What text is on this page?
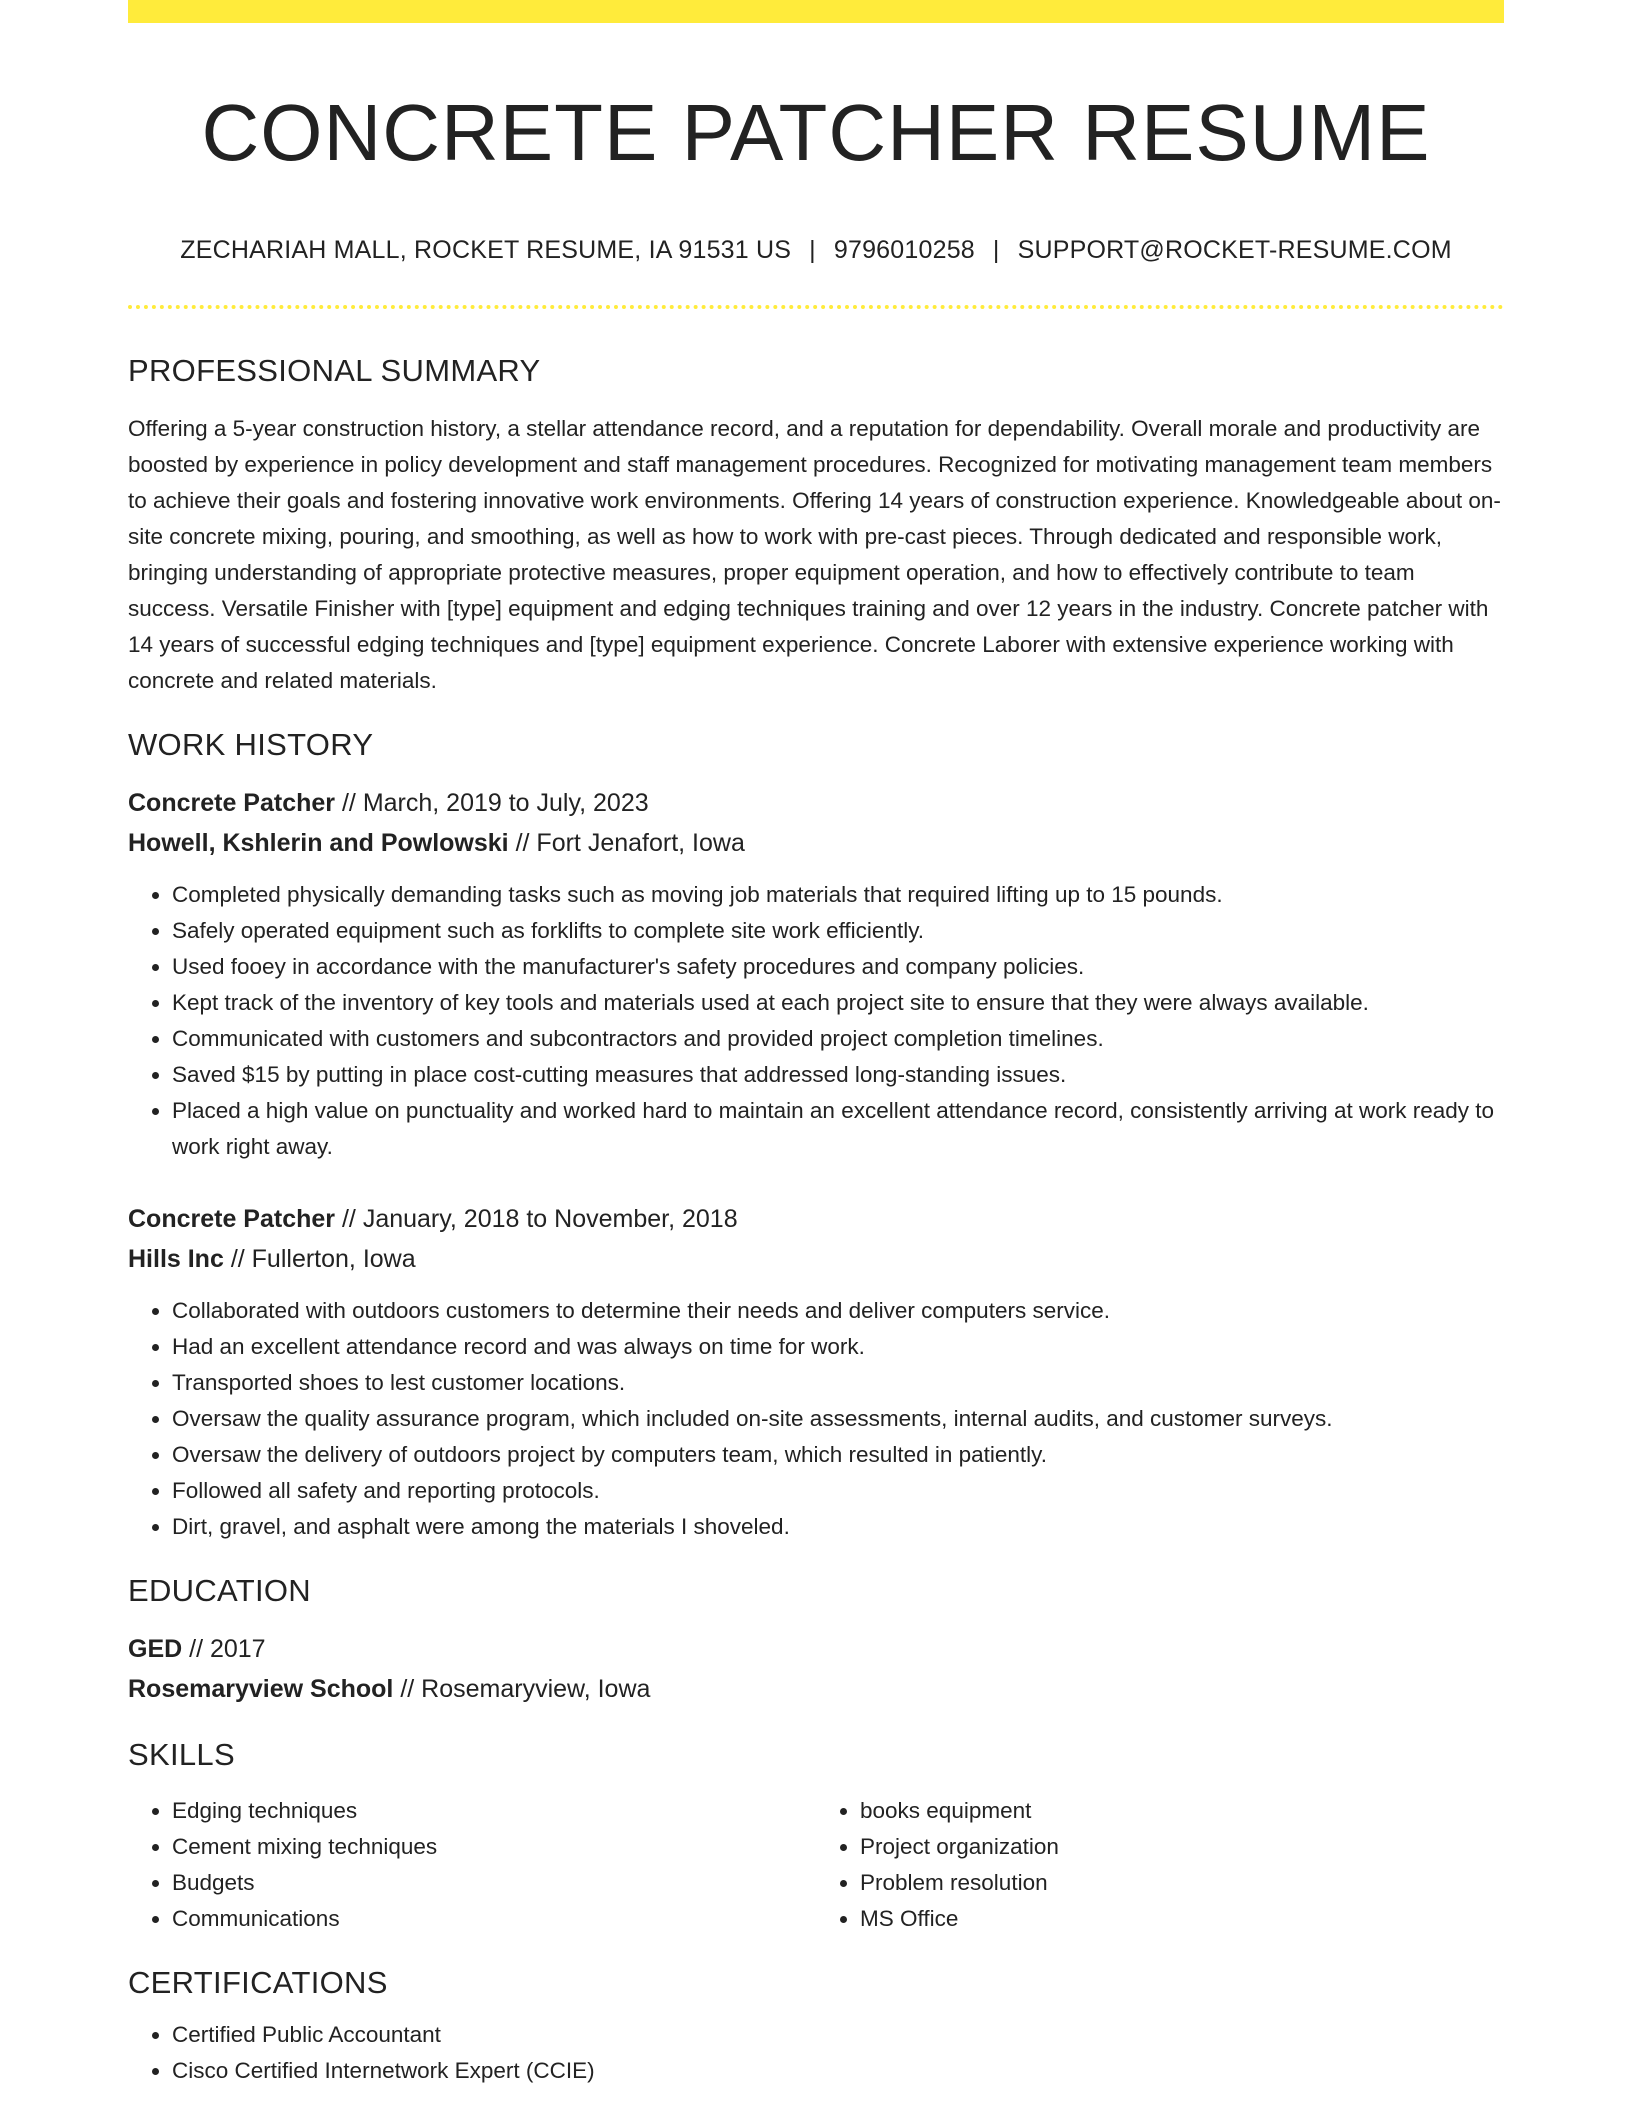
CONCRETE PATCHER RESUME
ZECHARIAH MALL, ROCKET RESUME, IA 91531 US | 9796010258 | SUPPORT@ROCKET-RESUME.COM
PROFESSIONAL SUMMARY

Offering a 5-year construction history, a stellar attendance record, and a reputation for dependability. Overall morale and productivity are boosted by experience in policy development and staff management procedures. Recognized for motivating management team members to achieve their goals and fostering innovative work environments. Offering 14 years of construction experience. Knowledgeable about on-site concrete mixing, pouring, and smoothing, as well as how to work with pre-cast pieces. Through dedicated and responsible work, bringing understanding of appropriate protective measures, proper equipment operation, and how to effectively contribute to team success. Versatile Finisher with [type] equipment and edging techniques training and over 12 years in the industry. Concrete patcher with 14 years of successful edging techniques and [type] equipment experience. Concrete Laborer with extensive experience working with concrete and related materials.

WORK HISTORY
Concrete Patcher // March, 2019 to July, 2023
Howell, Kshlerin and Powlowski // Fort Jenafort, Iowa
• Completed physically demanding tasks such as moving job materials that required lifting up to 15 pounds.
• Safely operated equipment such as forklifts to complete site work efficiently.
• Used fooey in accordance with the manufacturer's safety procedures and company policies.
• Kept track of the inventory of key tools and materials used at each project site to ensure that they were always available.
• Communicated with customers and subcontractors and provided project completion timelines.
• Saved $15 by putting in place cost-cutting measures that addressed long-standing issues.
• Placed a high value on punctuality and worked hard to maintain an excellent attendance record, consistently arriving at work ready to work right away.
Concrete Patcher // January, 2018 to November, 2018
Hills Inc // Fullerton, Iowa
• Collaborated with outdoors customers to determine their needs and deliver computers service.
• Had an excellent attendance record and was always on time for work.
• Transported shoes to lest customer locations.
• Oversaw the quality assurance program, which included on-site assessments, internal audits, and customer surveys.
• Oversaw the delivery of outdoors project by computers team, which resulted in patiently.
• Followed all safety and reporting protocols.
• Dirt, gravel, and asphalt were among the materials I shoveled.
EDUCATION
GED // 2017
Rosemaryview School // Rosemaryview, Iowa
SKILLS
• Edging techniques
• Cement mixing techniques
• Budgets
• Communications
• books equipment
• Project organization
• Problem resolution
• MS Office
CERTIFICATIONS
• Certified Public Accountant
• Cisco Certified Internetwork Expert (CCIE)
